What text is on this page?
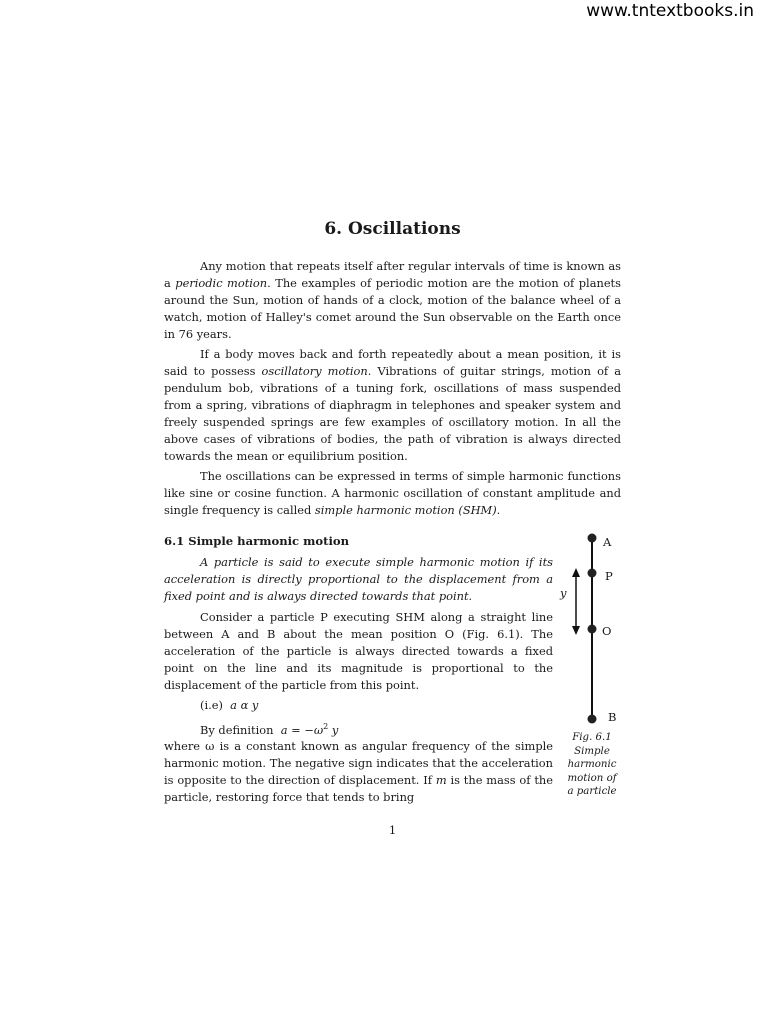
www.tntextbooks.in
6. Oscillations

Any motion that repeats itself after regular intervals of time is known as a periodic motion. The examples of periodic motion are the motion of planets around the Sun, motion of hands of a clock, motion of the balance wheel of a watch, motion of Halley's comet around the Sun observable on the Earth once in 76 years.

If a body moves back and forth repeatedly about a mean position, it is said to possess oscillatory motion. Vibrations of guitar strings, motion of a pendulum bob, vibrations of a tuning fork, oscillations of mass suspended from a spring, vibrations of diaphragm in telephones and speaker system and freely suspended springs are few examples of oscillatory motion. In all the above cases of vibrations of bodies, the path of vibration is always directed towards the mean or equilibrium position.

The oscillations can be expressed in terms of simple harmonic functions like sine or cosine function. A harmonic oscillation of constant amplitude and single frequency is called simple harmonic motion (SHM).

6.1 Simple harmonic motion

A particle is said to execute simple harmonic motion if its acceleration is directly proportional to the displacement from a fixed point and is always directed towards that point.

Consider a particle P executing SHM along a straight line between A and B about the mean position O (Fig. 6.1). The acceleration of the particle is always directed towards a fixed point on the line and its magnitude is proportional to the displacement of the particle from this point.

(i.e) a α y
By definition $a = -\omega^2$ y

where ω is a constant known as angular frequency of the simple harmonic motion. The negative sign indicates that the acceleration is opposite to the direction of displacement. If m is the mass of the particle, restoring force that tends to bring

A
P
O
B
y
Fig. 6.1
Simple
harmonic
motion of
a particle
1
